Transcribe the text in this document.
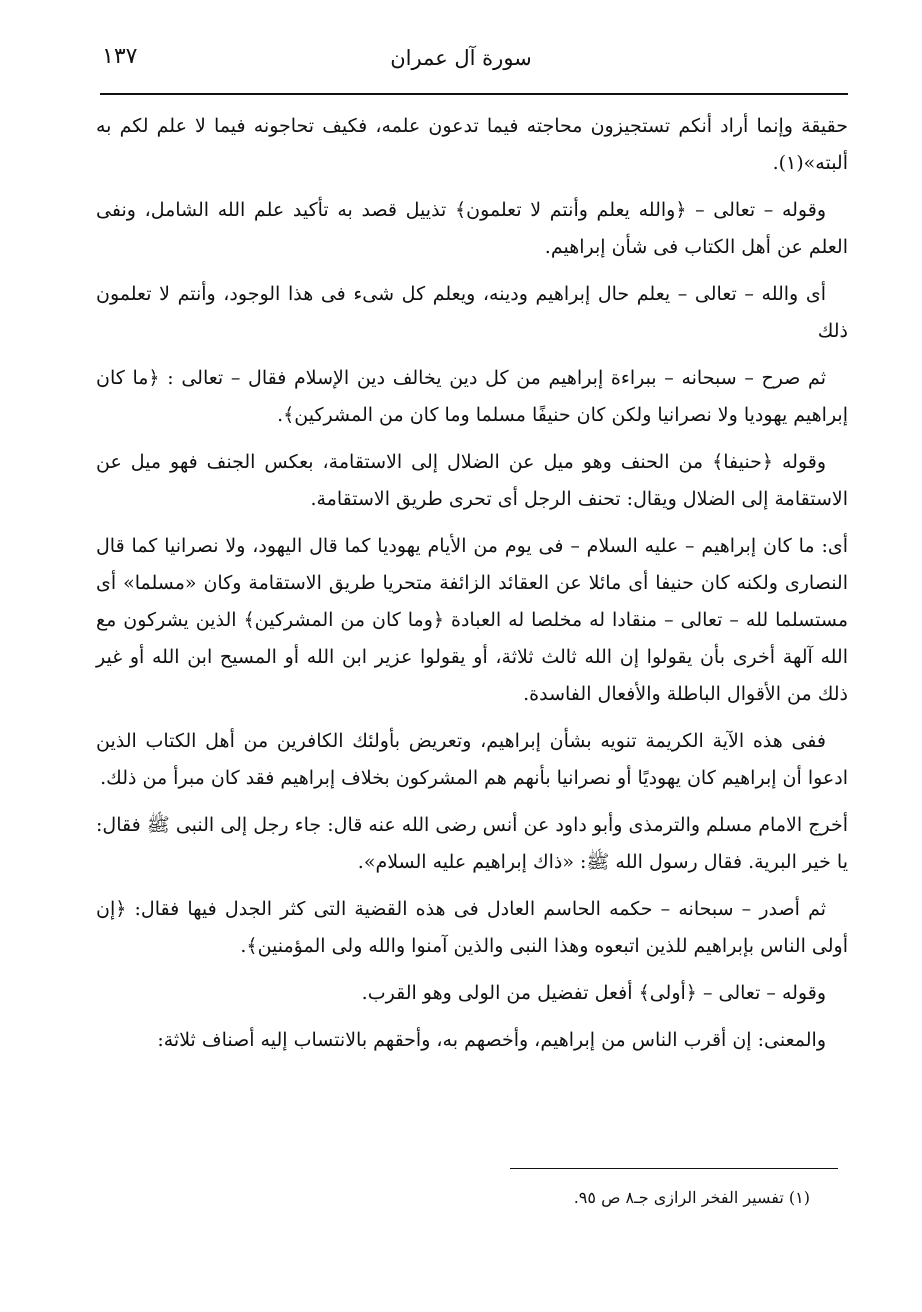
١٣٧	سورة آل عمران

حقيقة وإنما أراد أنكم تستجيزون محاجته فيما تدعون علمه، فكيف تحاجونه فيما لا علم لكم به ألبته»(١).

وقوله – تعالى – ﴿والله يعلم وأنتم لا تعلمون﴾ تذييل قصد به تأكيد علم الله الشامل، ونفى العلم عن أهل الكتاب فى شأن إبراهيم.

أى والله – تعالى – يعلم حال إبراهيم ودينه، ويعلم كل شىء فى هذا الوجود، وأنتم لا تعلمون ذلك

ثم صرح – سبحانه – ببراءة إبراهيم من كل دين يخالف دين الإسلام فقال – تعالى : ﴿ما كان إبراهيم يهوديا ولا نصرانيا ولكن كان حنيفًا مسلما وما كان من المشركين﴾.

وقوله ﴿حنيفا﴾ من الحنف وهو ميل عن الضلال إلى الاستقامة، بعكس الجنف فهو ميل عن الاستقامة إلى الضلال ويقال: تحنف الرجل أى تحرى طريق الاستقامة.

أى: ما كان إبراهيم – عليه السلام – فى يوم من الأيام يهوديا كما قال اليهود، ولا نصرانيا كما قال النصارى ولكنه كان حنيفا أى مائلا عن العقائد الزائفة متحريا طريق الاستقامة وكان «مسلما» أى مستسلما لله – تعالى – منقادا له مخلصا له العبادة ﴿وما كان من المشركين﴾ الذين يشركون مع الله آلهة أخرى بأن يقولوا إن الله ثالث ثلاثة، أو يقولوا عزير ابن الله أو المسيح ابن الله أو غير ذلك من الأقوال الباطلة والأفعال الفاسدة.

ففى هذه الآية الكريمة تنويه بشأن إبراهيم، وتعريض بأولئك الكافرين من أهل الكتاب الذين ادعوا أن إبراهيم كان يهوديًا أو نصرانيا بأنهم هم المشركون بخلاف إبراهيم فقد كان مبرأ من ذلك.

أخرج الامام مسلم والترمذى وأبو داود عن أنس رضى الله عنه قال: جاء رجل إلى النبى ﷺ فقال: يا خير البرية. فقال رسول الله ﷺ: «ذاك إبراهيم عليه السلام».

ثم أصدر – سبحانه – حكمه الحاسم العادل فى هذه القضية التى كثر الجدل فيها فقال: ﴿إن أولى الناس بإبراهيم للذين اتبعوه وهذا النبى والذين آمنوا والله ولى المؤمنين﴾.

وقوله – تعالى – ﴿أولى﴾ أفعل تفضيل من الولى وهو القرب.

والمعنى: إن أقرب الناس من إبراهيم، وأخصهم به، وأحقهم بالانتساب إليه أصناف ثلاثة:

(١) تفسير الفخر الرازى جـ٨ ص ٩٥.
